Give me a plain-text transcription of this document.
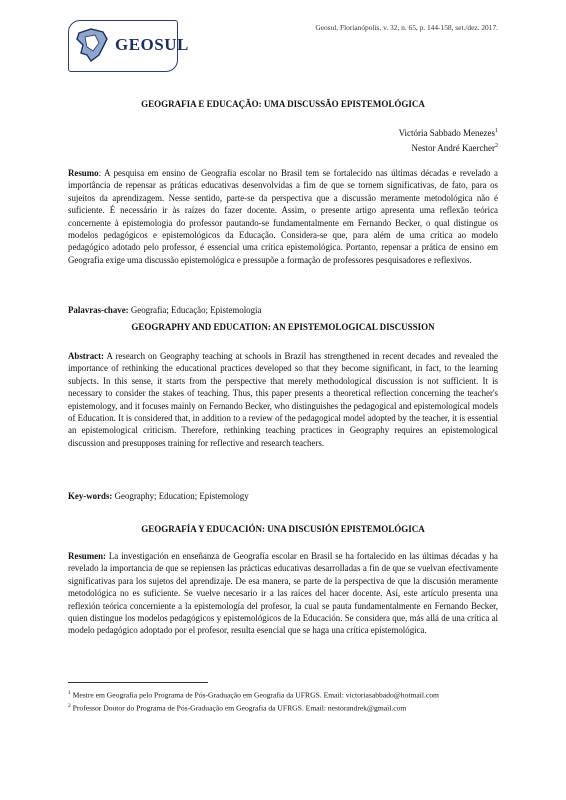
GEOSUL
Geosul, Florianópolis, v. 32, n. 65, p. 144-158, set./dez. 2017.
GEOGRAFIA E EDUCAÇÃO: UMA DISCUSSÃO EPISTEMOLÓGICA
Victória Sabbado Menezes$^1$
Nestor André Kaercher$^2$
Resumo: A pesquisa em ensino de Geografia escolar no Brasil tem se fortalecido nas últimas décadas e revelado a importância de repensar as práticas educativas desenvolvidas a fim de que se tornem significativas, de fato, para os sujeitos da aprendizagem. Nesse sentido, parte-se da perspectiva que a discussão meramente metodológica não é suficiente. É necessário ir às raízes do fazer docente. Assim, o presente artigo apresenta uma reflexão teórica concernente à epistemologia do professor pautando-se fundamentalmente em Fernando Becker, o qual distingue os modelos pedagógicos e epistemológicos da Educação. Considera-se que, para além de uma crítica ao modelo pedagógico adotado pelo professor, é essencial uma crítica epistemológica. Portanto, repensar a prática de ensino em Geografia exige uma discussão epistemológica e pressupõe a formação de professores pesquisadores e reflexivos.
Palavras-chave: Geografia; Educação; Epistemologia
GEOGRAPHY AND EDUCATION: AN EPISTEMOLOGICAL DISCUSSION
Abstract: A research on Geography teaching at schools in Brazil has strengthened in recent decades and revealed the importance of rethinking the educational practices developed so that they become significant, in fact, to the learning subjects. In this sense, it starts from the perspective that merely methodological discussion is not sufficient. It is necessary to consider the stakes of teaching. Thus, this paper presents a theoretical reflection concerning the teacher's epistemology, and it focuses mainly on Fernando Becker, who distinguishes the pedagogical and epistemological models of Education. It is considered that, in addition to a review of the pedagogical model adopted by the teacher, it is essential an epistemological criticism. Therefore, rethinking teaching practices in Geography requires an epistemological discussion and presupposes training for reflective and research teachers.
Key-words: Geography; Education; Epistemology
GEOGRAFÍA Y EDUCACIÓN: UNA DISCUSIÓN EPISTEMOLÓGICA
Resumen: La investigación en enseñanza de Geografía escolar en Brasil se ha fortalecido en las últimas décadas y ha revelado la importancia de que se repiensen las prácticas educativas desarrolladas a fin de que se vuelvan efectivamente significativas para los sujetos del aprendizaje. De esa manera, se parte de la perspectiva de que la discusión meramente metodológica no es suficiente. Se vuelve necesario ir a las raíces del hacer docente. Así, este artículo presenta una reflexión teórica concerniente a la epistemología del profesor, la cual se pauta fundamentalmente en Fernando Becker, quien distingue los modelos pedagógicos y epistemológicos de la Educación. Se considera que, más allá de una crítica al modelo pedagógico adoptado por el profesor, resulta esencial que se haga una crítica epistemológica.
$^1$ Mestre em Geografia pelo Programa de Pós-Graduação em Geografia da UFRGS. Email: victoriasabbado@hotmail.com
$^2$ Professor Doutor do Programa de Pós-Graduação em Geografia da UFRGS. Email: nestorandrek@gmail.com
